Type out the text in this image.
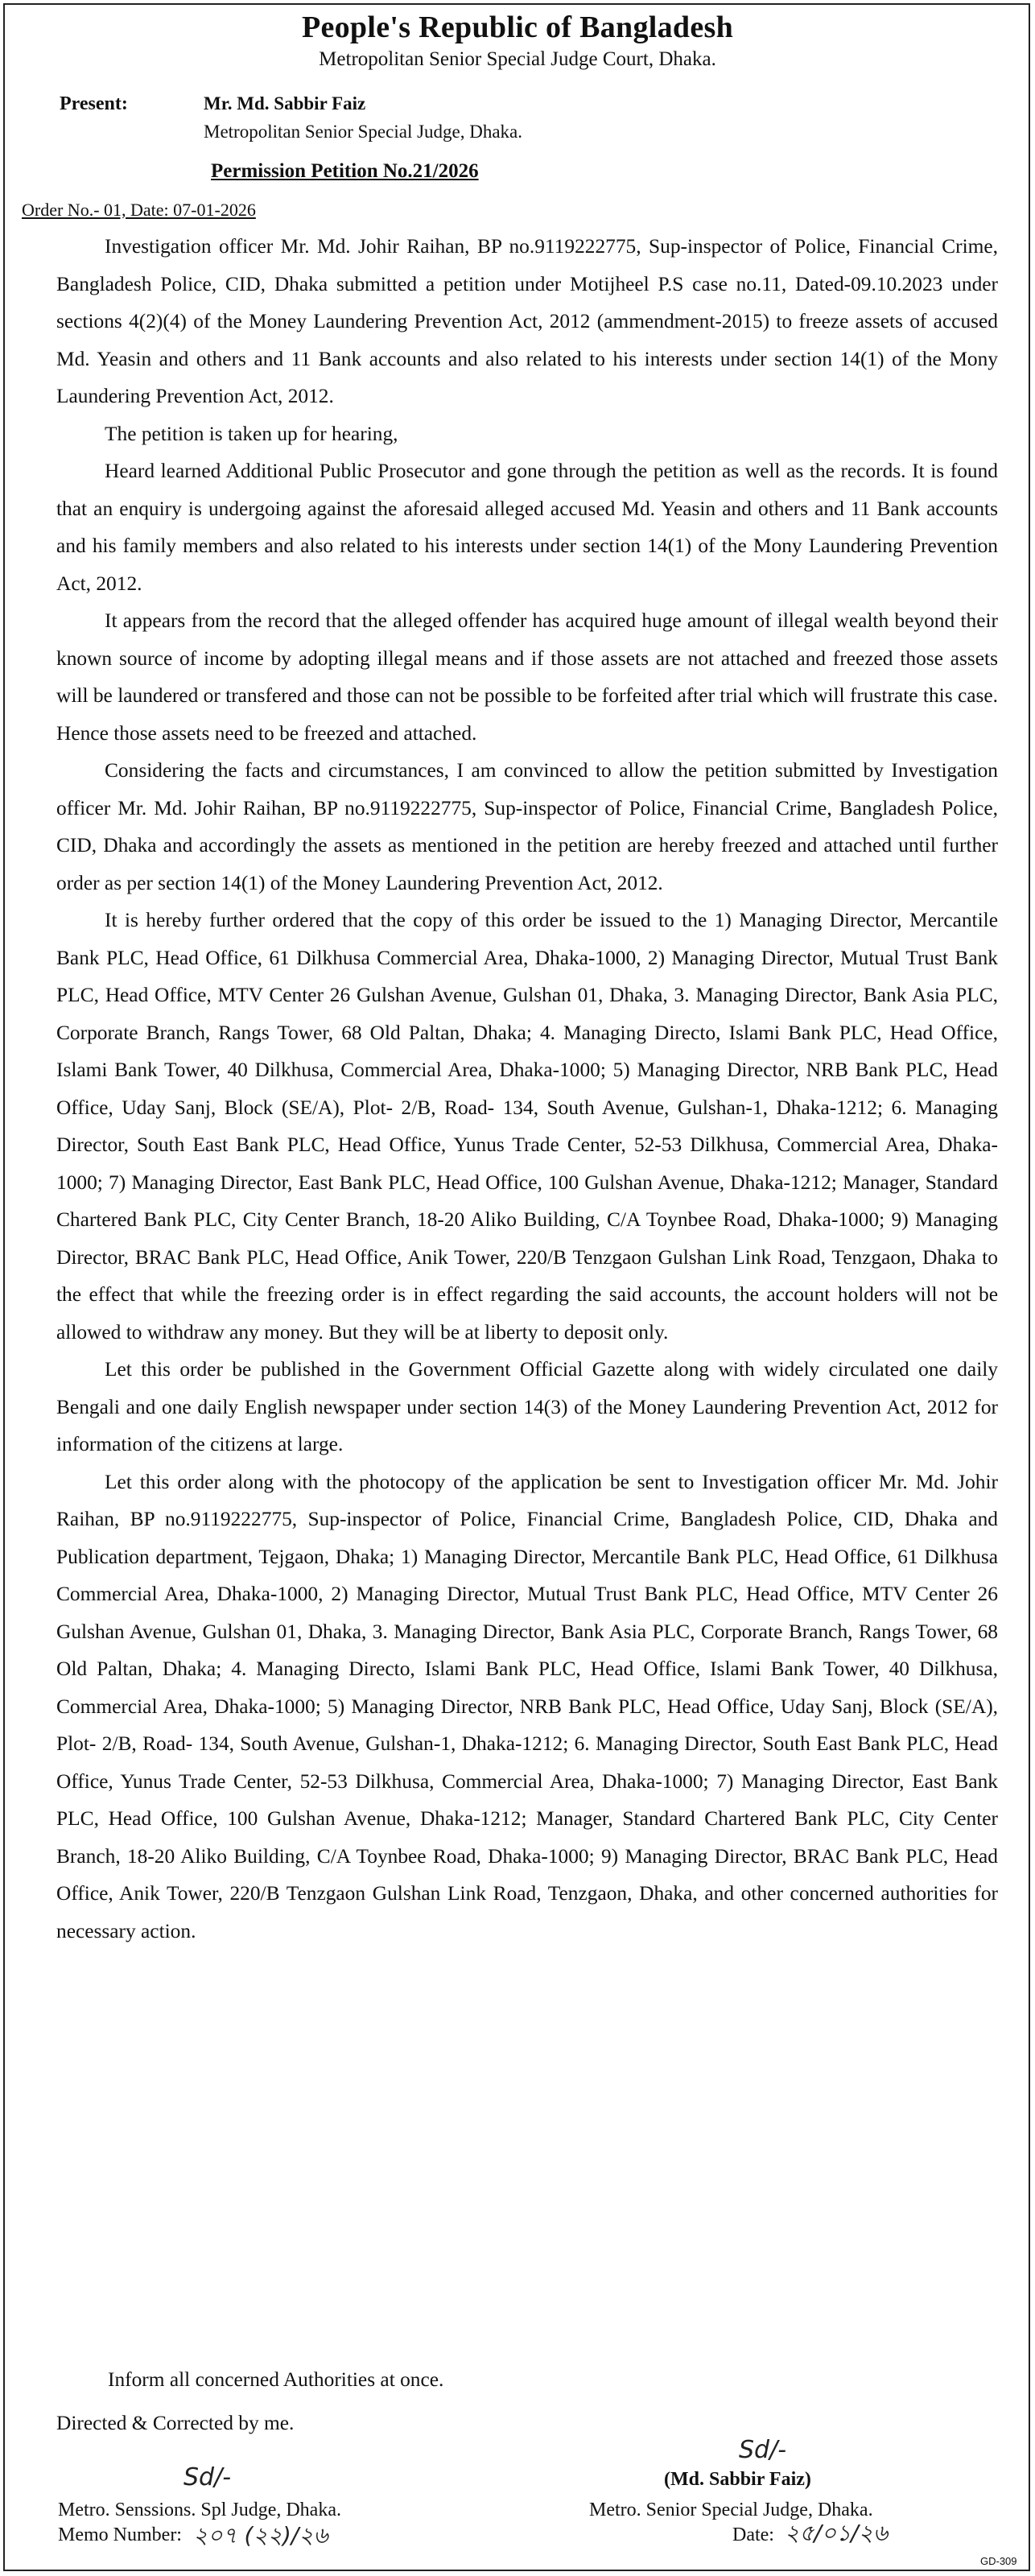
People's Republic of Bangladesh
Metropolitan Senior Special Judge Court, Dhaka.
Present:	Mr. Md. Sabbir Faiz
Metropolitan Senior Special Judge, Dhaka.
Permission Petition No.21/2026
Order No.- 01, Date: 07-01-2026

Investigation officer Mr. Md. Johir Raihan, BP no.9119222775, Sup-inspector of Police, Financial Crime, Bangladesh Police, CID, Dhaka submitted a petition under Motijheel P.S case no.11, Dated-09.10.2023 under sections 4(2)(4) of the Money Laundering Prevention Act, 2012 (ammendment-2015) to freeze assets of accused Md. Yeasin and others and 11 Bank accounts and also related to his interests under section 14(1) of the Mony Laundering Prevention Act, 2012.

The petition is taken up for hearing,

Heard learned Additional Public Prosecutor and gone through the petition as well as the records. It is found that an enquiry is undergoing against the aforesaid alleged accused Md. Yeasin and others and 11 Bank accounts and his family members and also related to his interests under section 14(1) of the Mony Laundering Prevention Act, 2012.

It appears from the record that the alleged offender has acquired huge amount of illegal wealth beyond their known source of income by adopting illegal means and if those assets are not attached and freezed those assets will be laundered or transfered and those can not be possible to be forfeited after trial which will frustrate this case. Hence those assets need to be freezed and attached.

Considering the facts and circumstances, I am convinced to allow the petition submitted by Investigation officer Mr. Md. Johir Raihan, BP no.9119222775, Sup-inspector of Police, Financial Crime, Bangladesh Police, CID, Dhaka and accordingly the assets as mentioned in the petition are hereby freezed and attached until further order as per section 14(1) of the Money Laundering Prevention Act, 2012.

It is hereby further ordered that the copy of this order be issued to the 1) Managing Director, Mercantile Bank PLC, Head Office, 61 Dilkhusa Commercial Area, Dhaka-1000, 2) Managing Director, Mutual Trust Bank PLC, Head Office, MTV Center 26 Gulshan Avenue, Gulshan 01, Dhaka, 3. Managing Director, Bank Asia PLC, Corporate Branch, Rangs Tower, 68 Old Paltan, Dhaka; 4. Managing Directo, Islami Bank PLC, Head Office, Islami Bank Tower, 40 Dilkhusa, Commercial Area, Dhaka-1000; 5) Managing Director, NRB Bank PLC, Head Office, Uday Sanj, Block (SE/A), Plot- 2/B, Road- 134, South Avenue, Gulshan-1, Dhaka-1212; 6. Managing Director, South East Bank PLC, Head Office, Yunus Trade Center, 52-53 Dilkhusa, Commercial Area, Dhaka-1000; 7) Managing Director, East Bank PLC, Head Office, 100 Gulshan Avenue, Dhaka-1212; Manager, Standard Chartered Bank PLC, City Center Branch, 18-20 Aliko Building, C/A Toynbee Road, Dhaka-1000; 9) Managing Director, BRAC Bank PLC, Head Office, Anik Tower, 220/B Tenzgaon Gulshan Link Road, Tenzgaon, Dhaka to the effect that while the freezing order is in effect regarding the said accounts, the account holders will not be allowed to withdraw any money. But they will be at liberty to deposit only.

Let this order be published in the Government Official Gazette along with widely circulated one daily Bengali and one daily English newspaper under section 14(3) of the Money Laundering Prevention Act, 2012 for information of the citizens at large.

Let this order along with the photocopy of the application be sent to Investigation officer Mr. Md. Johir Raihan, BP no.9119222775, Sup-inspector of Police, Financial Crime, Bangladesh Police, CID, Dhaka and Publication department, Tejgaon, Dhaka; 1) Managing Director, Mercantile Bank PLC, Head Office, 61 Dilkhusa Commercial Area, Dhaka-1000, 2) Managing Director, Mutual Trust Bank PLC, Head Office, MTV Center 26 Gulshan Avenue, Gulshan 01, Dhaka, 3. Managing Director, Bank Asia PLC, Corporate Branch, Rangs Tower, 68 Old Paltan, Dhaka; 4. Managing Directo, Islami Bank PLC, Head Office, Islami Bank Tower, 40 Dilkhusa, Commercial Area, Dhaka-1000; 5) Managing Director, NRB Bank PLC, Head Office, Uday Sanj, Block (SE/A), Plot- 2/B, Road- 134, South Avenue, Gulshan-1, Dhaka-1212; 6. Managing Director, South East Bank PLC, Head Office, Yunus Trade Center, 52-53 Dilkhusa, Commercial Area, Dhaka-1000; 7) Managing Director, East Bank PLC, Head Office, 100 Gulshan Avenue, Dhaka-1212; Manager, Standard Chartered Bank PLC, City Center Branch, 18-20 Aliko Building, C/A Toynbee Road, Dhaka-1000; 9) Managing Director, BRAC Bank PLC, Head Office, Anik Tower, 220/B Tenzgaon Gulshan Link Road, Tenzgaon, Dhaka, and other concerned authorities for necessary action.

Inform all concerned Authorities at once.
Directed & Corrected by me.
Sd/-
Sd/-
(Md. Sabbir Faiz)
Metro. Senssions. Spl Judge, Dhaka.	Metro. Senior Special Judge, Dhaka.
Memo Number: ২০৭ (২২)/২৬	Date: ২৫/০১/২৬
GD-309
